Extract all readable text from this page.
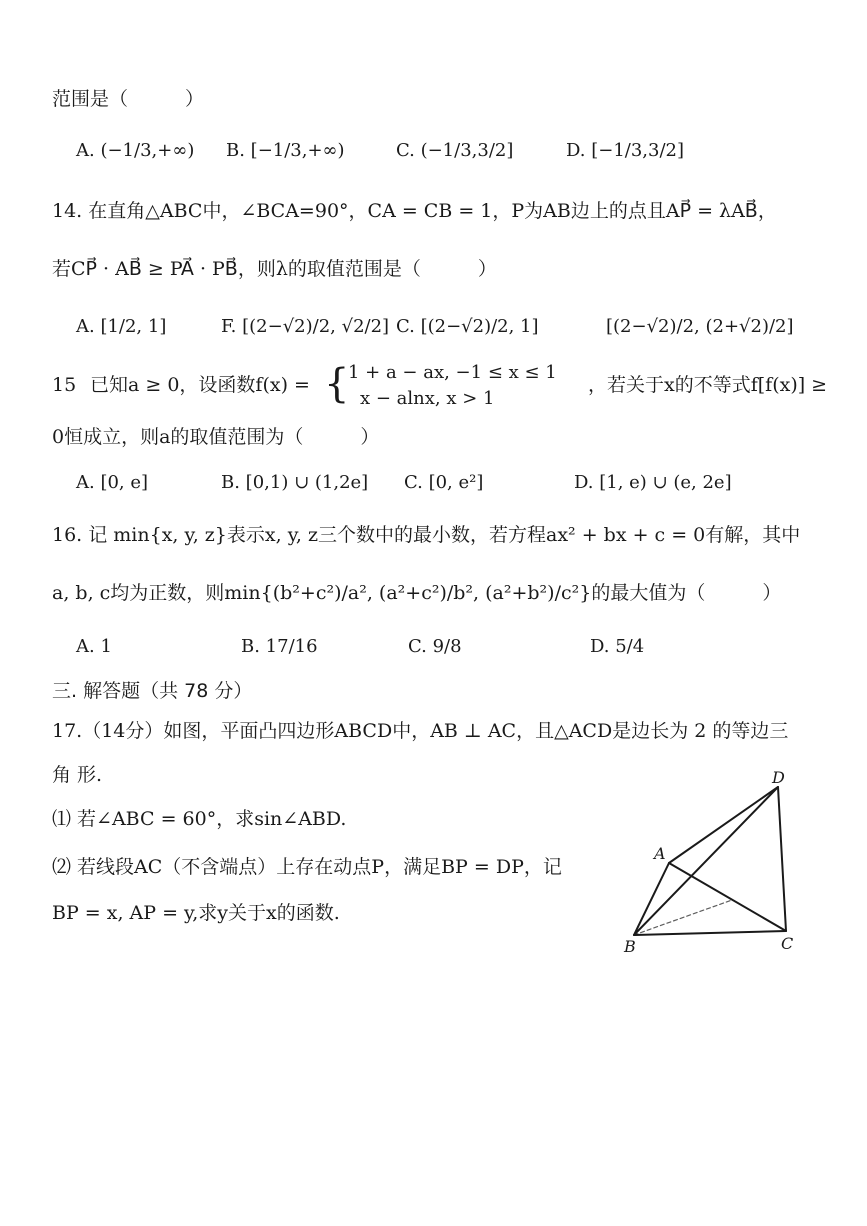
范围是（　　　）
A. (−1/3,+∞) B. [−1/3,+∞)	C. (−1/3,3/2]	D. [−1/3,3/2]
14. 在直角△ABC中，∠BCA=90°，CA = CB = 1，P为AB边上的点且AP⃗ = λAB⃗，
若CP⃗ · AB⃗ ≥ PA⃗ · PB⃗，则λ的取值范围是（　　　）
A. [1/2, 1]	F. [(2−√2)/2, √2/2] C. [(2−√2)/2, 1]	[(2−√2)/2, (2+√2)/2]
15 已知a ≥ 0，设函数f(x) = {
1 + a − ax, −1 ≤ x ≤ 1
x − alnx, x > 1
，若关于x的不等式f[f(x)] ≥
0恒成立，则a的取值范围为（　　　）
A. [0, e]	B. [0,1) ∪ (1,2e] C. [0, e²]	D. [1, e) ∪ (e, 2e]
16. 记 min{x, y, z}表示x, y, z三个数中的最小数，若方程ax² + bx + c = 0有解，其中
a, b, c均为正数，则min{(b²+c²)/a², (a²+c²)/b², (a²+b²)/c²}的最大值为（　　　）
A. 1	B. 17/16	C. 9/8	D. 5/4
三. 解答题（共 78 分）
17.（14分）如图，平面凸四边形ABCD中，AB ⊥ AC，且△ACD是边长为 2 的等边三
角 形.
⑴ 若∠ABC = 60°，求sin∠ABD.
⑵ 若线段AC（不含端点）上存在动点P，满足BP = DP，记
BP = x, AP = y,求y关于x的函数.
A
B	C
D
